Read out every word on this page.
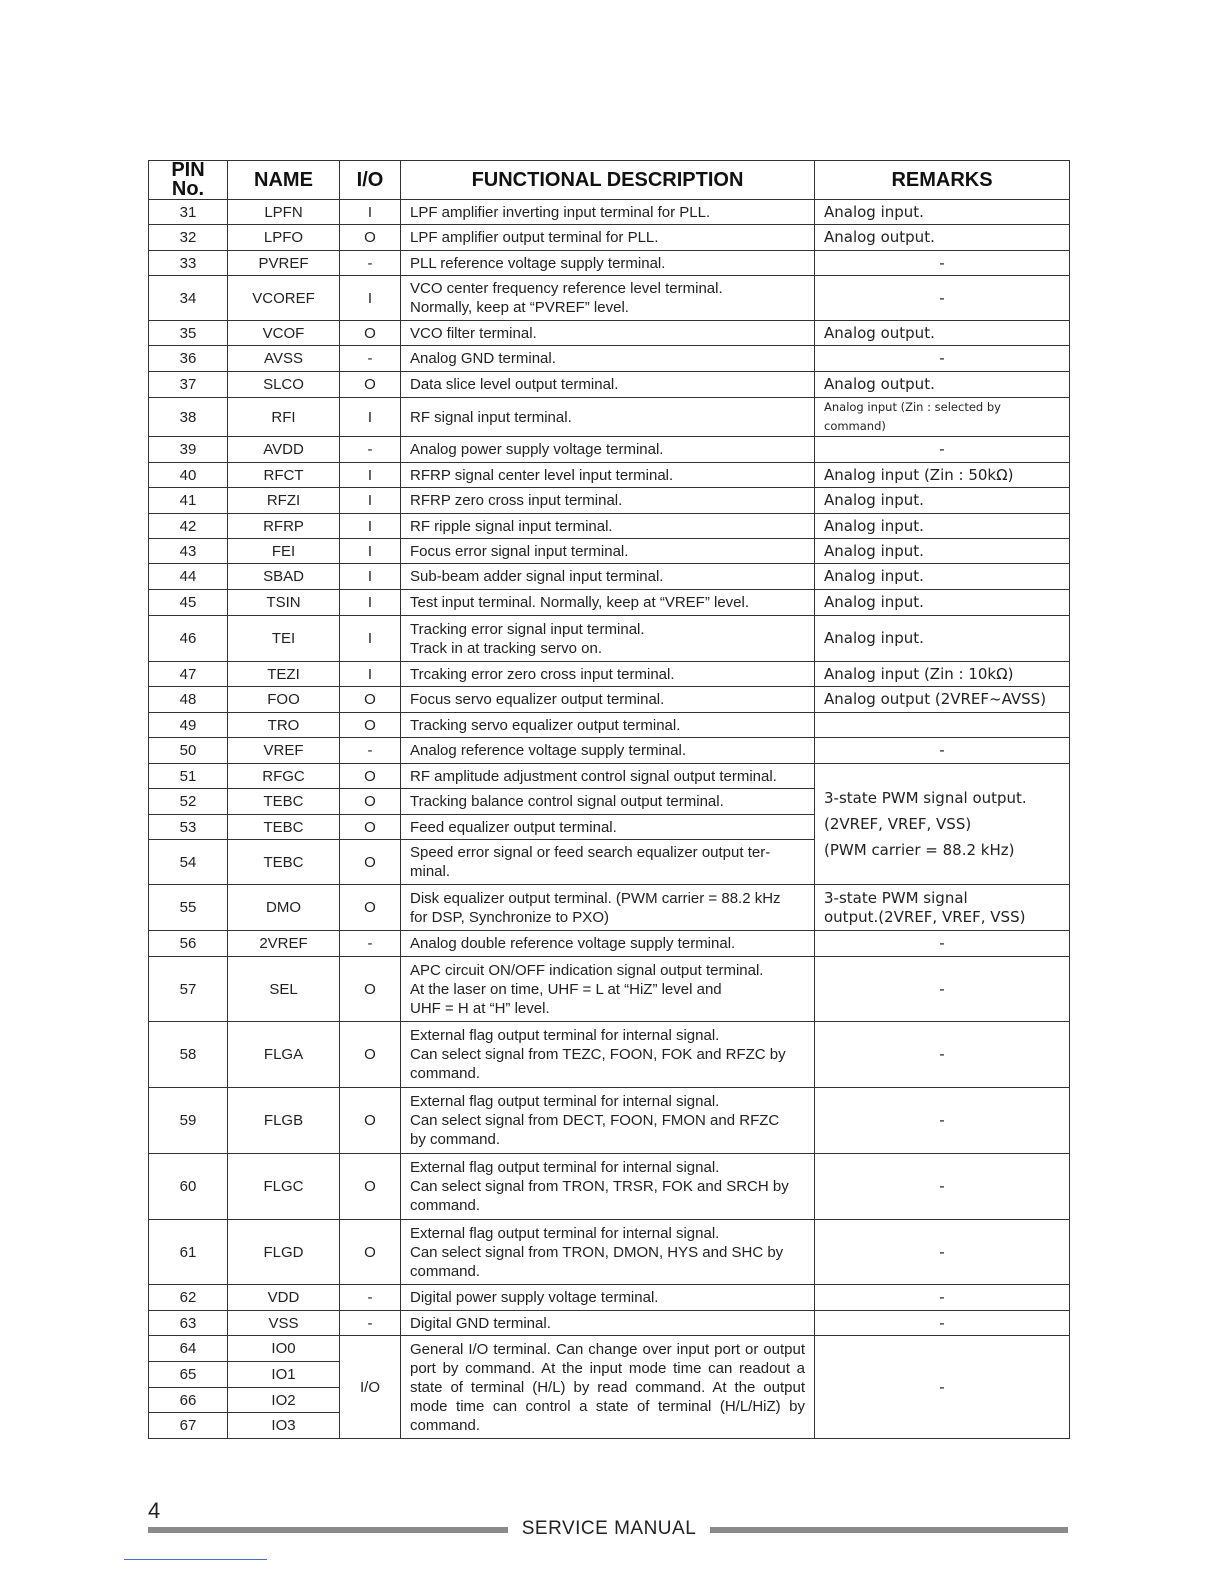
PIN No.	NAME	I/O	FUNCTIONAL DESCRIPTION	REMARKS
31	LPFN	I	LPF amplifier inverting input terminal for PLL.	Analog input.
32	LPFO	O	LPF amplifier output terminal for PLL.	Analog output.
33	PVREF	-	PLL reference voltage supply terminal.	-
34	VCOREF	I	VCO center frequency reference level terminal.
Normally, keep at “PVREF” level.	-
35	VCOF	O	VCO filter terminal.	Analog output.
36	AVSS	-	Analog GND terminal.	-
37	SLCO	O	Data slice level output terminal.	Analog output.
38	RFI	I	RF signal input terminal.	Analog input (Zin : selected by command)
39	AVDD	-	Analog power supply voltage terminal.	-
40	RFCT	I	RFRP signal center level input terminal.	Analog input (Zin : 50kΩ)
41	RFZI	I	RFRP zero cross input terminal.	Analog input.
42	RFRP	I	RF ripple signal input terminal.	Analog input.
43	FEI	I	Focus error signal input terminal.	Analog input.
44	SBAD	I	Sub-beam adder signal input terminal.	Analog input.
45	TSIN	I	Test input terminal. Normally, keep at “VREF” level.	Analog input.
46	TEI	I	Tracking error signal input terminal.
Track in at tracking servo on.	Analog input.
47	TEZI	I	Trcaking error zero cross input terminal.	Analog input (Zin : 10kΩ)
48	FOO	O	Focus servo equalizer output terminal.	Analog output (2VREF~AVSS)
49	TRO	O	Tracking servo equalizer output terminal.	
50	VREF	-	Analog reference voltage supply terminal.	-
51	RFGC	O	RF amplitude adjustment control signal output terminal.	3-state PWM signal output.
(2VREF, VREF, VSS)
(PWM carrier = 88.2 kHz)
52	TEBC	O	Tracking balance control signal output terminal.	
53	TEBC	O	Feed equalizer output terminal.	
54	TEBC	O	Speed error signal or feed search equalizer output ter-
minal.	
55	DMO	O	Disk equalizer output terminal. (PWM carrier = 88.2 kHz
for DSP, Synchronize to PXO)	3-state PWM signal
output.(2VREF, VREF, VSS)
56	2VREF	-	Analog double reference voltage supply terminal.	-
57	SEL	O	APC circuit ON/OFF indication signal output terminal.
At the laser on time, UHF = L at “HiZ” level and
UHF = H at “H” level.	-
58	FLGA	O	External flag output terminal for internal signal.
Can select signal from TEZC, FOON, FOK and RFZC by
command.	-
59	FLGB	O	External flag output terminal for internal signal.
Can select signal from DECT, FOON, FMON and RFZC
by command.	-
60	FLGC	O	External flag output terminal for internal signal.
Can select signal from TRON, TRSR, FOK and SRCH by
command.	-
61	FLGD	O	External flag output terminal for internal signal.
Can select signal from TRON, DMON, HYS and SHC by
command.	-
62	VDD	-	Digital power supply voltage terminal.	-
63	VSS	-	Digital GND terminal.	-
64	IO0	I/O	General I/O terminal. Can change over input port or output port by command. At the input mode time can readout a state of terminal (H/L) by read command. At the output mode time can control a state of terminal (H/L/HiZ) by command.	-
65	IO1			
66	IO2			
67	IO3			
4
SERVICE MANUAL
